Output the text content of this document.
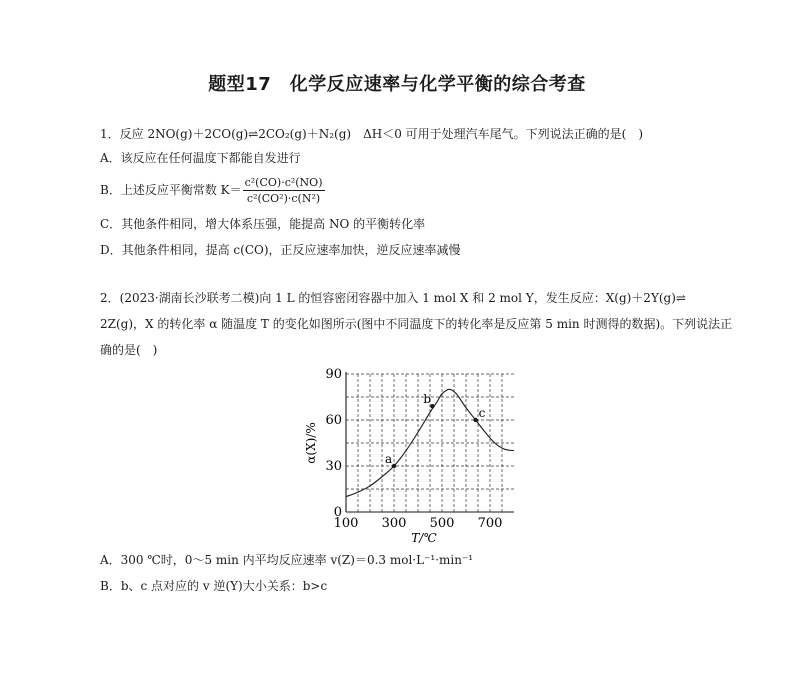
题型17　化学反应速率与化学平衡的综合考查
1．反应 2NO(g)＋2CO(g)⇌2CO₂(g)＋N₂(g)　ΔH＜0 可用于处理汽车尾气。下列说法正确的是(　)
A．该反应在任何温度下都能自发进行
B．上述反应平衡常数 $K= \frac{\text{c²(CO)·c²(NO)}}{\text{c²(CO²)·c(N²)}}$
C．其他条件相同，增大体系压强，能提高 NO 的平衡转化率
D．其他条件相同，提高 c(CO)，正反应速率加快，逆反应速率减慢
2．(2023·湖南长沙联考二模)向 1 L 的恒容密闭容器中加入 1 mol X 和 2 mol Y，发生反应：X(g)＋2Y(g)⇌
2Z(g)，X 的转化率 α 随温度 T 的变化如图所示(图中不同温度下的转化率是反应第 5 min 时测得的数据)。下列说法正
确的是(　)
a
b
c
100 300 500 700
0
30
60
90
T/℃
α(X)/%
A．300 ℃时，0～5 min 内平均反应速率 v(Z)＝0.3 mol·L⁻¹·min⁻¹
B．b、c 点对应的 v 逆(Y)大小关系：b>c
